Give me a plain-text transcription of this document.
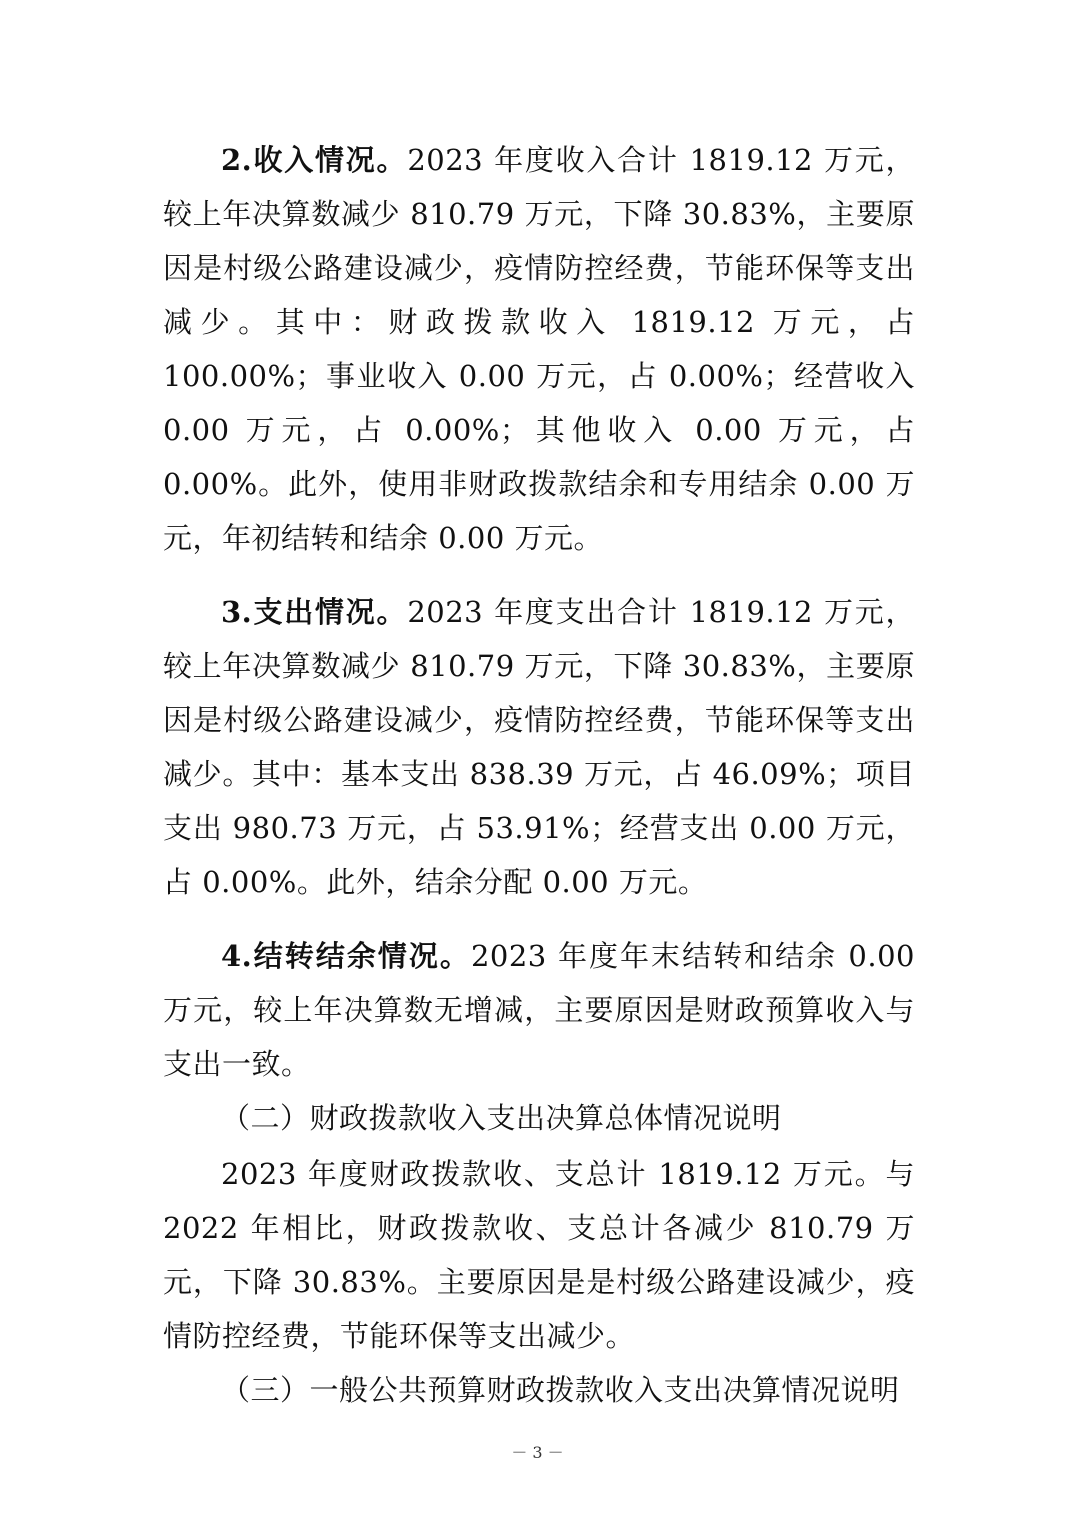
2.收入情况。2023 年度收入合计 1819.12 万元，较上年决算数减少 810.79 万元，下降 30.83%，主要原因是村级公路建设减少，疫情防控经费，节能环保等支出减少。其中：财政拨款收入 1819.12 万元，占 100.00%；事业收入 0.00 万元，占 0.00%；经营收入 0.00 万元，占 0.00%；其他收入 0.00 万元，占 0.00%。此外，使用非财政拨款结余和专用结余 0.00 万元，年初结转和结余 0.00 万元。

3.支出情况。2023 年度支出合计 1819.12 万元，较上年决算数减少 810.79 万元，下降 30.83%，主要原因是村级公路建设减少，疫情防控经费，节能环保等支出减少。其中：基本支出 838.39 万元，占 46.09%；项目支出 980.73 万元，占 53.91%；经营支出 0.00 万元，占 0.00%。此外，结余分配 0.00 万元。

4.结转结余情况。2023 年度年末结转和结余 0.00 万元，较上年决算数无增减，主要原因是财政预算收入与支出一致。

（二）财政拨款收入支出决算总体情况说明

2023 年度财政拨款收、支总计 1819.12 万元。与 2022 年相比，财政拨款收、支总计各减少 810.79 万元，下降 30.83%。主要原因是是村级公路建设减少，疫情防控经费，节能环保等支出减少。

（三）一般公共预算财政拨款收入支出决算情况说明

－ 3 －
